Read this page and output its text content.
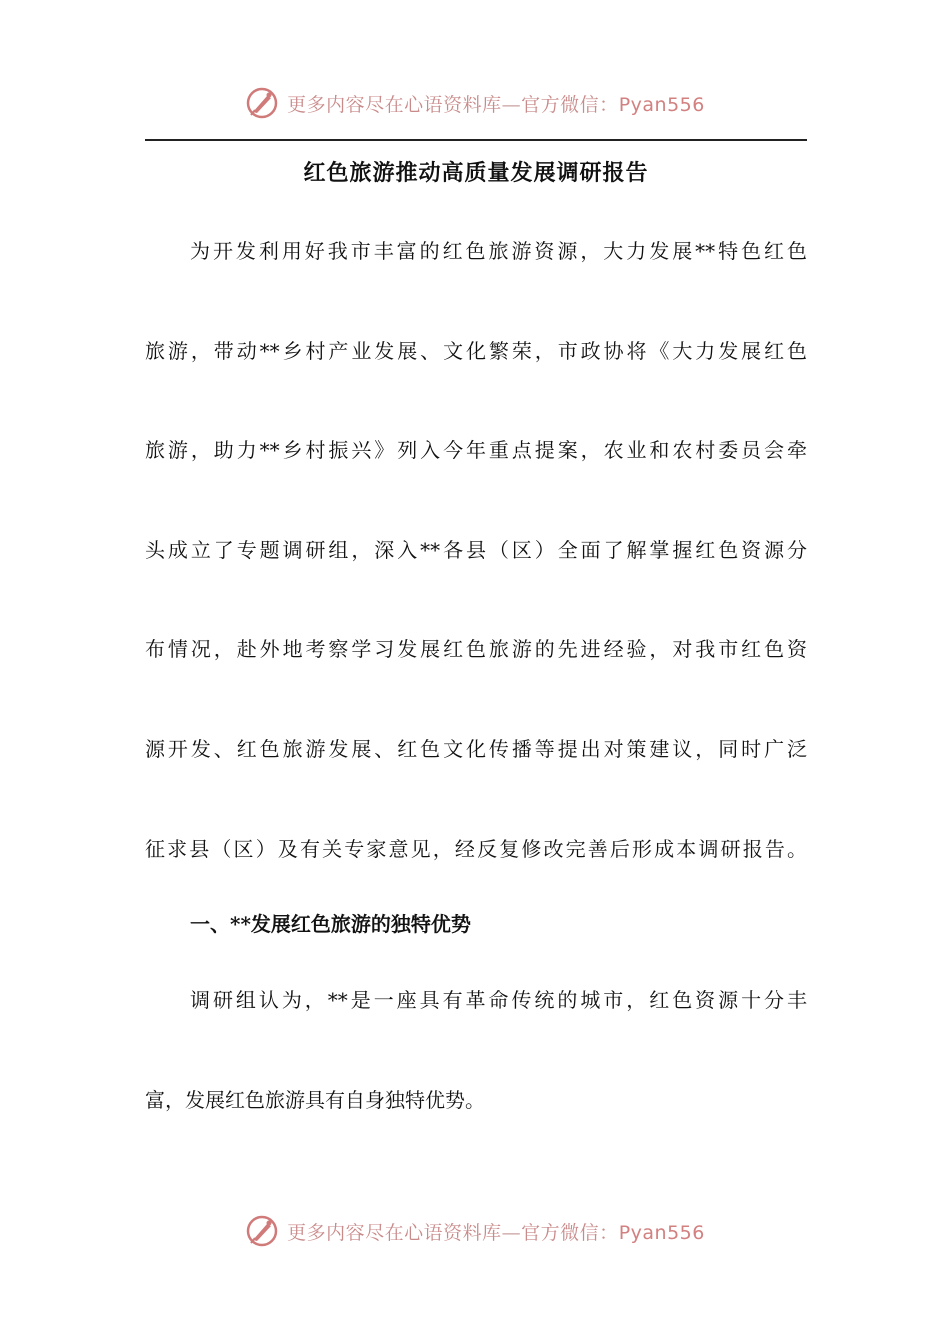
更多内容尽在心语资料库—官方微信：Pyan556
红色旅游推动高质量发展调研报告

为开发利用好我市丰富的红色旅游资源，大力发展**特色红色

旅游，带动**乡村产业发展、文化繁荣，市政协将《大力发展红色

旅游，助力**乡村振兴》列入今年重点提案，农业和农村委员会牵

头成立了专题调研组，深入**各县（区）全面了解掌握红色资源分

布情况，赴外地考察学习发展红色旅游的先进经验，对我市红色资

源开发、红色旅游发展、红色文化传播等提出对策建议，同时广泛

征求县（区）及有关专家意见，经反复修改完善后形成本调研报告。

一、**发展红色旅游的独特优势

调研组认为，**是一座具有革命传统的城市，红色资源十分丰

富，发展红色旅游具有自身独特优势。

更多内容尽在心语资料库—官方微信：Pyan556
